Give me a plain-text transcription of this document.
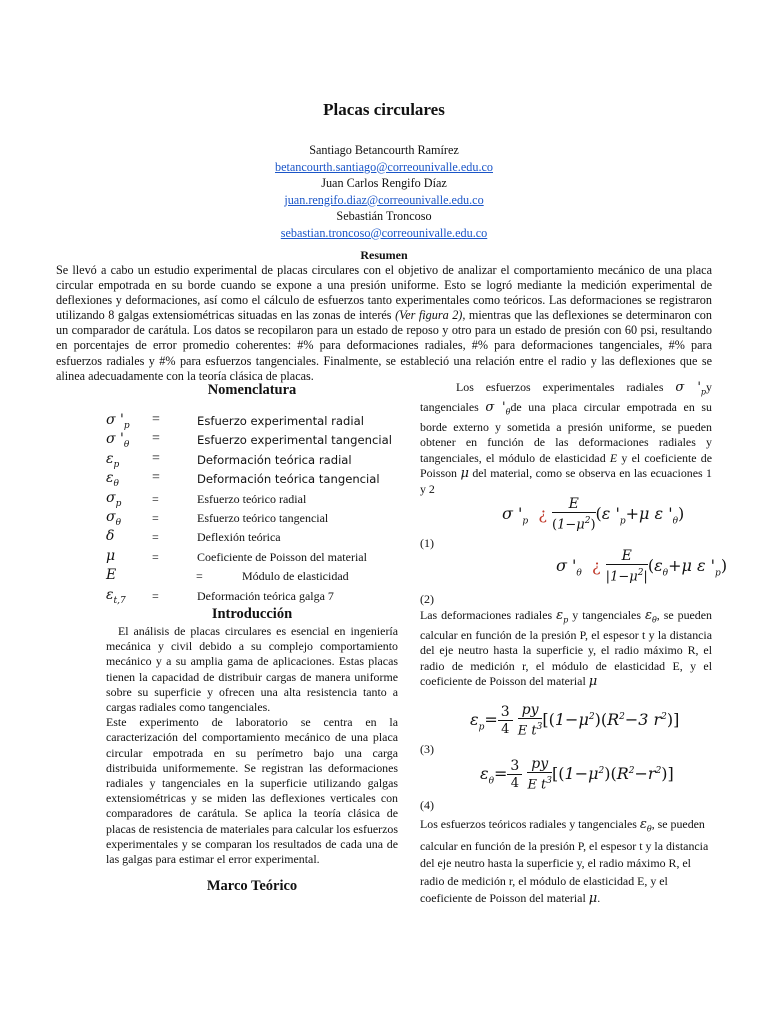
Placas circulares
Santiago Betancourth Ramírez
betancourth.santiago@correounivalle.edu.co
Juan Carlos Rengifo Díaz
juan.rengifo.diaz@correounivalle.edu.co
Sebastián Troncoso
sebastian.troncoso@correounivalle.edu.co
Resumen

Se llevó a cabo un estudio experimental de placas circulares con el objetivo de analizar el comportamiento mecánico de una placa circular empotrada en su borde cuando se expone a una presión uniforme. Esto se logró mediante la medición experimental de deflexiones y deformaciones, así como el cálculo de esfuerzos tanto experimentales como teóricos. Las deformaciones se registraron utilizando 8 galgas extensiométricas situadas en las zonas de interés (Ver figura 2), mientras que las deflexiones se determinaron con un comparador de carátula. Los datos se recopilaron para un estado de reposo y otro para un estado de presión con 60 psi, resultando en porcentajes de error promedio coherentes: #% para deformaciones radiales, #% para deformaciones tangenciales, #% para esfuerzos radiales y #% para esfuerzos tangenciales. Finalmente, se estableció una relación entre el radio y las deflexiones que se alinea adecuadamente con la teoría clásica de placas.

Nomenclatura
σ '$_p$ =	Esfuerzo experimental radial
σ '$_\theta$ =	Esfuerzo experimental tangencial
$\varepsilon_p$ =	Deformación teórica radial
$\varepsilon_\theta$ =	Deformación teórica tangencial
$\sigma_p$	=	Esfuerzo teórico radial
$\sigma_\theta$	=	Esfuerzo teórico tangencial
δ	=	Deflexión teórica
μ	=	Coeficiente de Poisson del material
E	=	Módulo de elasticidad
$\varepsilon_{t,7}$ =	Deformación teórica galga 7
Introducción

El análisis de placas circulares es esencial en ingeniería mecánica y civil debido a su complejo comportamiento mecánico y a su amplia gama de aplicaciones. Estas placas tienen la capacidad de distribuir cargas de manera uniforme sobre su superficie y ofrecen una alta resistencia tanto a cargas radiales como tangenciales.

Este experimento de laboratorio se centra en la caracterización del comportamiento mecánico de una placa circular empotrada en su perímetro bajo una carga distribuida uniformemente. Se registran las deformaciones radiales y tangenciales en la superficie utilizando galgas extensiométricas y se miden las deflexiones verticales con comparadores de carátula. Se aplica la teoría clásica de placas de resistencia de materiales para calcular los esfuerzos experimentales y se comparan los resultados de cada una de las galgas para estimar el error experimental.

Marco Teórico

Los esfuerzos experimentales radiales σ '$_py$ tangenciales σ '$_\theta de$ una placa circular empotrada en su borde externo y sometida a presión uniforme, se pueden obtener en función de las deformaciones radiales y tangenciales, el módulo de elasticidad E y el coeficiente de Poisson μ del material, como se observa en las ecuaciones 1 y 2

σ '$_p$ ¿ $\frac{E}{(1-\mu^2)} (\varepsilon$ '$_p+\mu$ ε '$_\theta$)
(1)
σ '$_\theta$ ¿ $\frac{E}{|1-\mu^2|} (\varepsilon_\theta+\mu$ ε '$_p$)
(2)

Las deformaciones radiales $\varepsilon_p$ y tangenciales $\varepsilon_\theta$, se pueden calcular en función de la presión P, el espesor t y la distancia del eje neutro hasta la superficie y, el radio máximo R, el radio de medición r, el módulo de elasticidad E, y el coeficiente de Poisson del material μ

$\varepsilon_p= \frac{3}{4}$
$\frac{py}{E t^3} [(1-\mu^2)(R^2-3$ $r^2$)]
(3)
$\varepsilon_\theta= \frac{3}{4}$
$\frac{py}{E t^3} [(1-\mu^2)(R^2-r^2)]$
(4)

Los esfuerzos teóricos radiales y tangenciales $\varepsilon_\theta$, se pueden calcular en función de la presión P, el espesor t y la distancia del eje neutro hasta la superficie y, el radio máximo R, el radio de medición r, el módulo de elasticidad E, y el coeficiente de Poisson del material μ.
